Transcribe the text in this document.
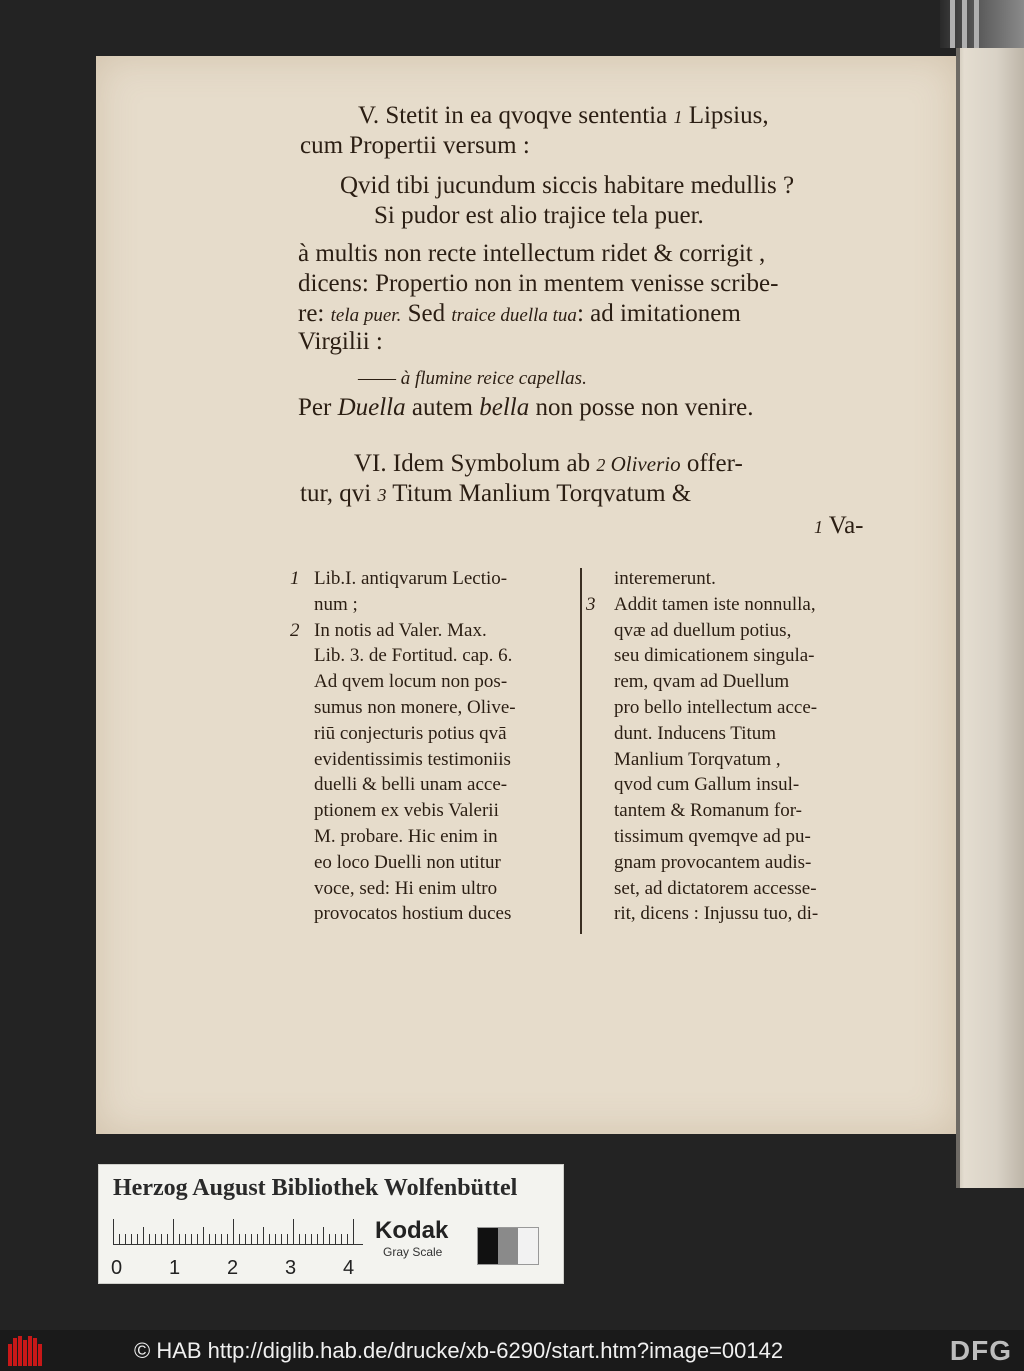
V. Stetit in ea qvoqve sententia 1 Lipsius,
cum Propertii versum :
Qvid tibi jucundum siccis habitare medullis ?
Si pudor est alio trajice tela puer.
à multis non recte intellectum ridet & corrigit ,
dicens: Propertio non in mentem venisse scribe-
re: tela puer. Sed traice duella tua: ad imitationem
Virgilii :
—— à flumine reice capellas.
Per Duella autem bella non posse non venire.
VI. Idem Symbolum ab 2 Oliverio offer-
tur, qvi 3 Titum Manlium Torqvatum &
1 Va-
1 Lib.I. antiqvarum Lectio-
num ;
2 In notis ad Valer. Max.
Lib. 3. de Fortitud. cap. 6.
Ad qvem locum non pos-
sumus non monere, Olive-
riū conjecturis potius qvā
evidentissimis testimoniis
duelli & belli unam acce-
ptionem ex vebis Valerii
M. probare. Hic enim in
eo loco Duelli non utitur
voce, sed: Hi enim ultro
provocatos hostium duces
interemerunt.
3 Addit tamen iste nonnulla,
qvæ ad duellum potius,
seu dimicationem singula-
rem, qvam ad Duellum
pro bello intellectum acce-
dunt. Inducens Titum
Manlium Torqvatum ,
qvod cum Gallum insul-
tantem & Romanum for-
tissimum qvemqve ad pu-
gnam provocantem audis-
set, ad dictatorem accesse-
rit, dicens : Injussu tuo, di-
Herzog August Bibliothek Wolfenbüttel
0 1 2 3 4
Kodak
Gray Scale
© HAB http://diglib.hab.de/drucke/xb-6290/start.htm?image=00142	DFG
